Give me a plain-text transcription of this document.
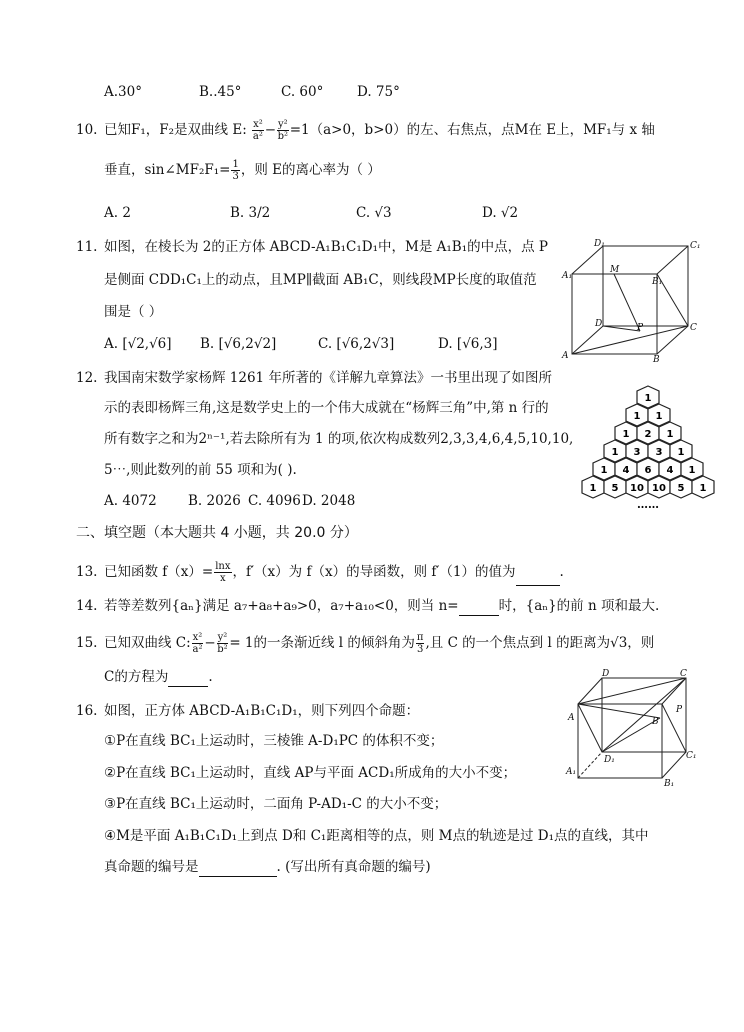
A.30°	B..45°	C. 60° D. 75°
10. 已知F₁，F₂是双曲线 E: $\frac{\text{x²}}{\text{a²}} - \frac{\text{y²}}{\text{b²}} =1(a>0$，b>0）的左、右焦点，点M在 E上，MF₁与 x 轴
垂直，sin∠MF₂F₁= $\frac{1}{3}$ ，则 E的离心率为（ ）
A. 2	B. 3/2	C. √3	D. √2
11. 如图，在棱长为 2的正方体 ABCD-A₁B₁C₁D₁中，M是 A₁B₁的中点，点 P
是侧面 CDD₁C₁上的动点，且MP∥截面 AB₁C，则线段MP长度的取值范
围是（ ）
A. [√2,√6] B. [√6,2√2]	C. [√6,2√3]	D. [√6,3]
D₁	C₁
A₁
M
B₁
D	C
P
A	B
12. 我国南宋数学家杨辉 1261 年所著的《详解九章算法》一书里出现了如图所
示的表即杨辉三角,这是数学史上的一个伟大成就在“杨辉三角”中,第 n 行的
所有数字之和为2ⁿ⁻¹,若去除所有为 1 的项,依次构成数列2,3,3,4,6,4,5,10,10,
5⋯,则此数列的前 55 项和为( ).
A. 4072 B. 2026 C. 4096 D. 2048
1
1 1
1 2 1
1 3 3 1
1 4 6 4 1
1 5 10 10 5 1
……
二、填空题（本大题共 4 小题，共 20.0 分）
13. 已知函数 $f(x)= \frac{\ln x}{x}$ ，f′（x）为 f（x）的导函数，则 f′（1）的值为	.
14. 若等差数列{aₙ}满足 a₇+a₈+a₉>0，a₇+a₁₀<0，则当 n=	时，{aₙ}的前 n 项和最大.
15. 已知双曲线 C: $\frac{\text{x²}}{\text{a²}} - \frac{\text{y²}}{\text{b²}} = 1$的一条渐近线 l 的倾斜角为 $\frac{\pi}{3}$ ,且 C 的一个焦点到 l 的距离为√3，则
C的方程为	.
16. 如图，正方体 ABCD-A₁B₁C₁D₁，则下列四个命题：
①P在直线 BC₁上运动时，三棱锥 A-D₁PC 的体积不变；
②P在直线 BC₁上运动时，直线 AP与平面 ACD₁所成角的大小不变；
③P在直线 BC₁上运动时，二面角 P-AD₁-C 的大小不变；
④M是平面 A₁B₁C₁D₁上到点 D和 C₁距离相等的点，则 M点的轨迹是过 D₁点的直线，其中
真命题的编号是	. (写出所有真命题的编号)
D	C
A	B
P
D₁	C₁
A₁
B₁
